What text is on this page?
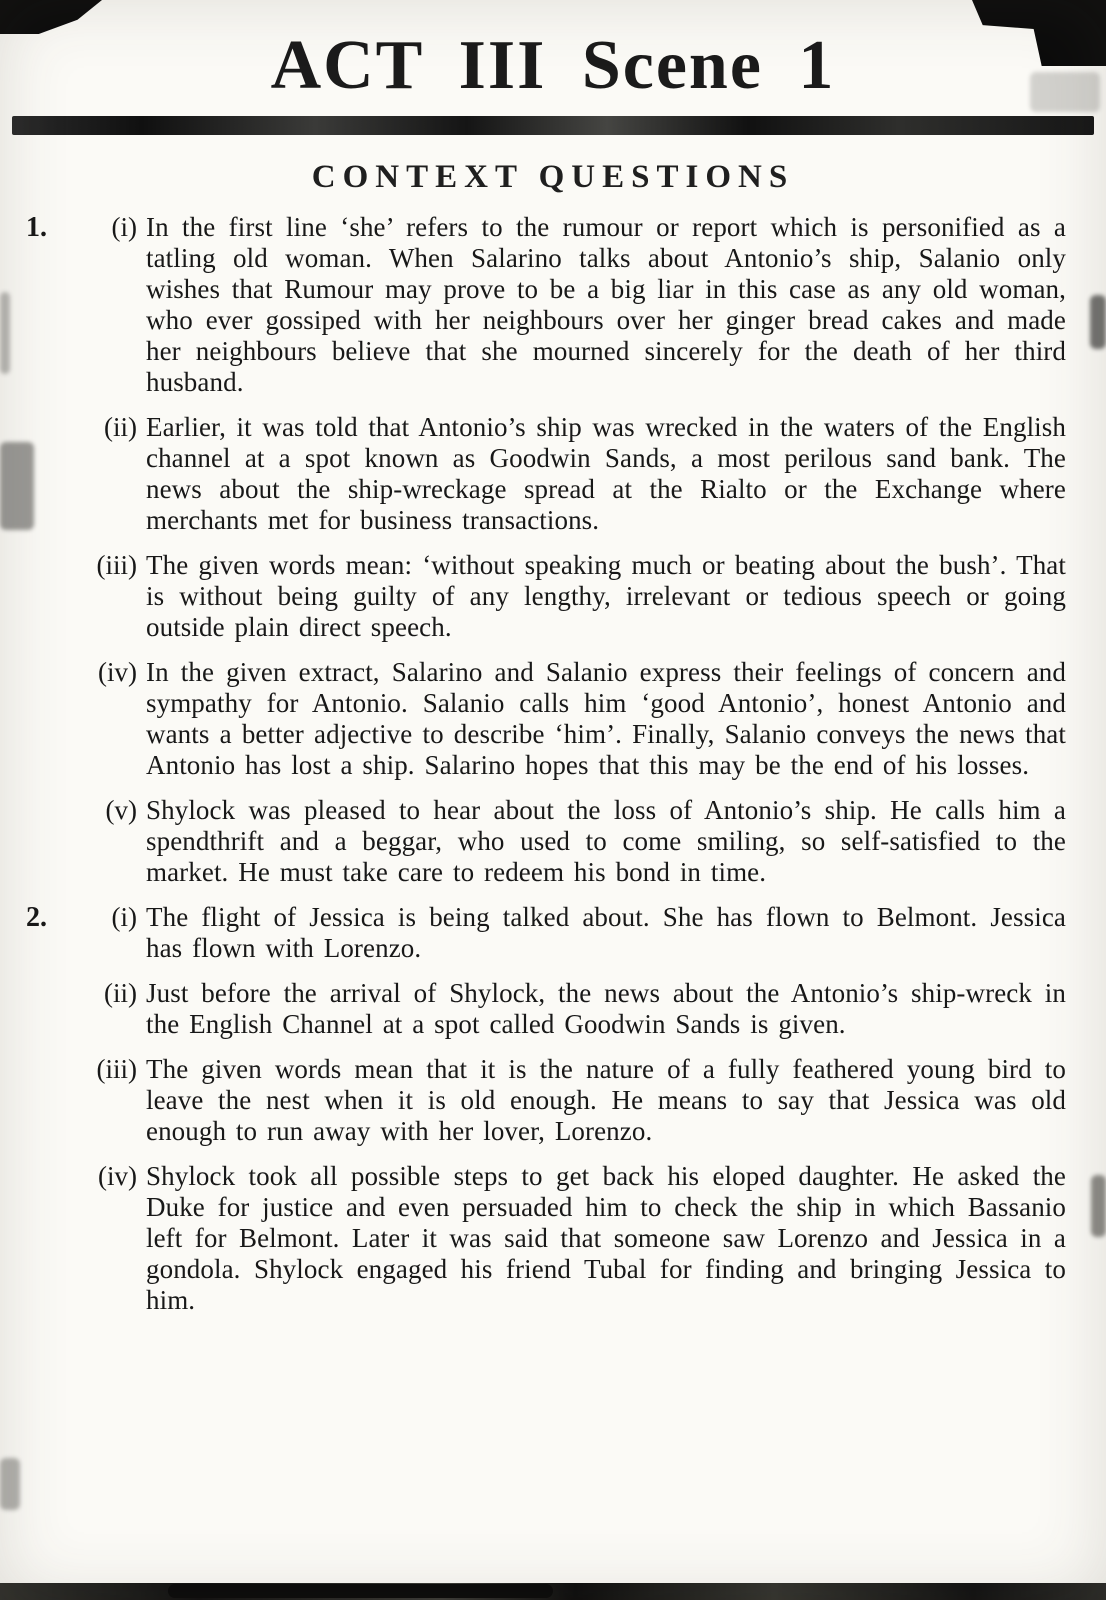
ACT III Scene 1
CONTEXT QUESTIONS
1.	(i) In the first line ‘she’ refers to the rumour or report which is personified as a tatling old woman. When Salarino talks about Antonio’s ship, Salanio only wishes that Rumour may prove to be a big liar in this case as any old woman, who ever gossiped with her neighbours over her ginger bread cakes and made her neighbours believe that she mourned sincerely for the death of her third husband.

(ii) Earlier, it was told that Antonio’s ship was wrecked in the waters of the English channel at a spot known as Goodwin Sands, a most perilous sand bank. The news about the ship-wreckage spread at the Rialto or the Exchange where merchants met for business transactions.

(iii) The given words mean: ‘without speaking much or beating about the bush’. That is without being guilty of any lengthy, irrelevant or tedious speech or going outside plain direct speech.

(iv) In the given extract, Salarino and Salanio express their feelings of concern and sympathy for Antonio. Salanio calls him ‘good Antonio’, honest Antonio and wants a better adjective to describe ‘him’. Finally, Salanio conveys the news that Antonio has lost a ship. Salarino hopes that this may be the end of his losses.

(v) Shylock was pleased to hear about the loss of Antonio’s ship. He calls him a spendthrift and a beggar, who used to come smiling, so self-satisfied to the market. He must take care to redeem his bond in time.

2.	(i) The flight of Jessica is being talked about. She has flown to Belmont. Jessica has flown with Lorenzo.

(ii) Just before the arrival of Shylock, the news about the Antonio’s ship-wreck in the English Channel at a spot called Goodwin Sands is given.

(iii) The given words mean that it is the nature of a fully feathered young bird to leave the nest when it is old enough. He means to say that Jessica was old enough to run away with her lover, Lorenzo.

(iv) Shylock took all possible steps to get back his eloped daughter. He asked the Duke for justice and even persuaded him to check the ship in which Bassanio left for Belmont. Later it was said that someone saw Lorenzo and Jessica in a gondola. Shylock engaged his friend Tubal for finding and bringing Jessica to him.
